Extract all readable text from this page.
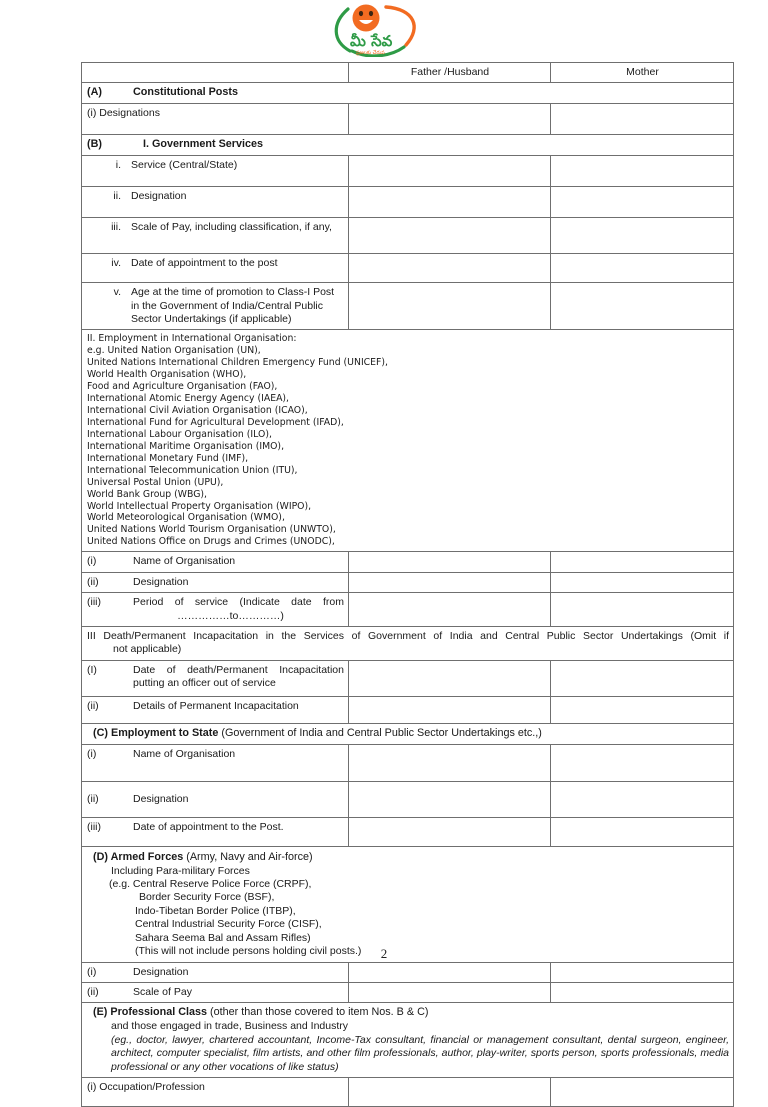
మీ సేవ
ప్రజలకు చేరువ
	Father /Husband	Mother
(A) Constitutional Posts		
(i) Designations		
(B) I. Government Services		

i. Service (Central/State)		

ii. Designation		

iii. Scale of Pay, including classification, if any,		

iv. Date of appointment to the post		

v. Age at the time of promotion to Class-I Post in the Government of India/Central Public Sector Undertakings (if applicable)		

II. Employment in International Organisation:
e.g. United Nation Organisation (UN),
United Nations International Children Emergency Fund (UNICEF),
World Health Organisation (WHO),
Food and Agriculture Organisation (FAO),
International Atomic Energy Agency (IAEA),
International Civil Aviation Organisation (ICAO),
International Fund for Agricultural Development (IFAD),
International Labour Organisation (ILO),
International Maritime Organisation (IMO),
International Monetary Fund (IMF),
International Telecommunication Union (ITU),
Universal Postal Union (UPU),
World Bank Group (WBG),
World Intellectual Property Organisation (WIPO),
World Meteorological Organisation (WMO),
United Nations World Tourism Organisation (UNWTO),
United Nations Office on Drugs and Crimes (UNODC),

(i) Name of Organisation		

(ii) Designation		

(iii) Period of service (Indicate date from
……………to…………)		

III Death/Permanent Incapacitation in the Services of Government of India and Central Public Sector Undertakings (Omit if
not applicable)		

(I) Date of death/Permanent Incapacitation putting an officer out of service		

(ii) Details of Permanent Incapacitation		

(C) Employment to State (Government of India and Central Public Sector Undertakings etc.,)		

(i) Name of Organisation		

(ii) Designation		

(iii) Date of appointment to the Post.		

(D) Armed Forces (Army, Navy and Air-force)
Including Para-military Forces
(e.g. Central Reserve Police Force (CRPF),
Border Security Force (BSF),
Indo-Tibetan Border Police (ITBP),
Central Industrial Security Force (CISF),
Sahara Seema Bal and Assam Rifles)
(This will not include persons holding civil posts.)

(i) Designation		

(ii) Scale of Pay		

(E) Professional Class (other than those covered to item Nos. B & C)
and those engaged in trade, Business and Industry
(eg., doctor, lawyer, chartered accountant, Income-Tax consultant, financial or management consultant, dental surgeon, engineer, architect, computer specialist, film artists, and other film professionals, author, play-writer, sports person, sports professionals, media professional or any other vocations of like status)		

(i) Occupation/Profession		
2
